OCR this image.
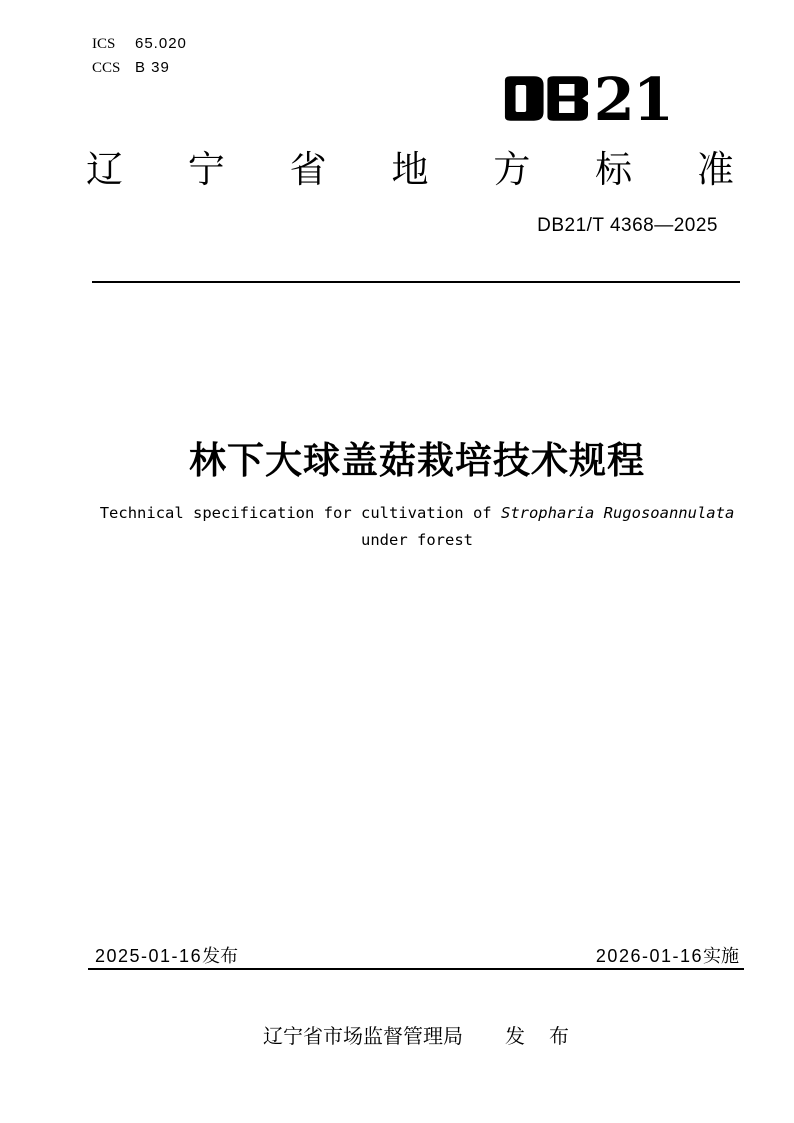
ICS 65.020
CCS B 39	21
辽 宁 省 地 方 标 准
DB21/T 4368—2025
林下大球盖菇栽培技术规程
Technical specification for cultivation of Stropharia Rugosoannulata
under forest
2025-01-16发布	2026-01-16实施
辽宁省市场监督管理局 发　布
